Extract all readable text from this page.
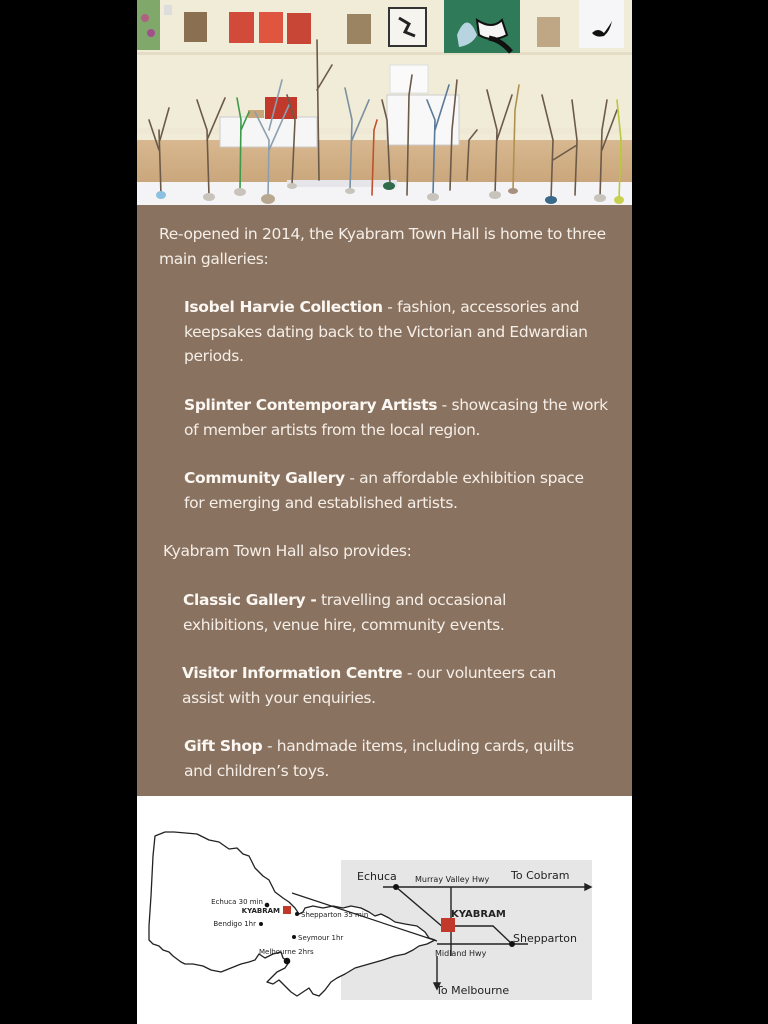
Re-opened in 2014, the Kyabram Town Hall is home to three main galleries:

Isobel Harvie Collection - fashion, accessories and keepsakes dating back to the Victorian and Edwardian periods.

Splinter Contemporary Artists - showcasing the work of member artists from the local region.

Community Gallery - an affordable exhibition space for emerging and established artists.

Kyabram Town Hall also provides:

Classic Gallery - travelling and occasional exhibitions, venue hire, community events.

Visitor Information Centre - our volunteers can assist with your enquiries.

Gift Shop - handmade items, including cards, quilts and children’s toys.

Echuca 30 min
KYABRAM	Shepparton 35 min
Bendigo 1hr
Seymour 1hr
Melbourne 2hrs
Echuca Murray Valley Hwy To Cobram
KYABRAM
Shepparton
Midland Hwy
To Melbourne
